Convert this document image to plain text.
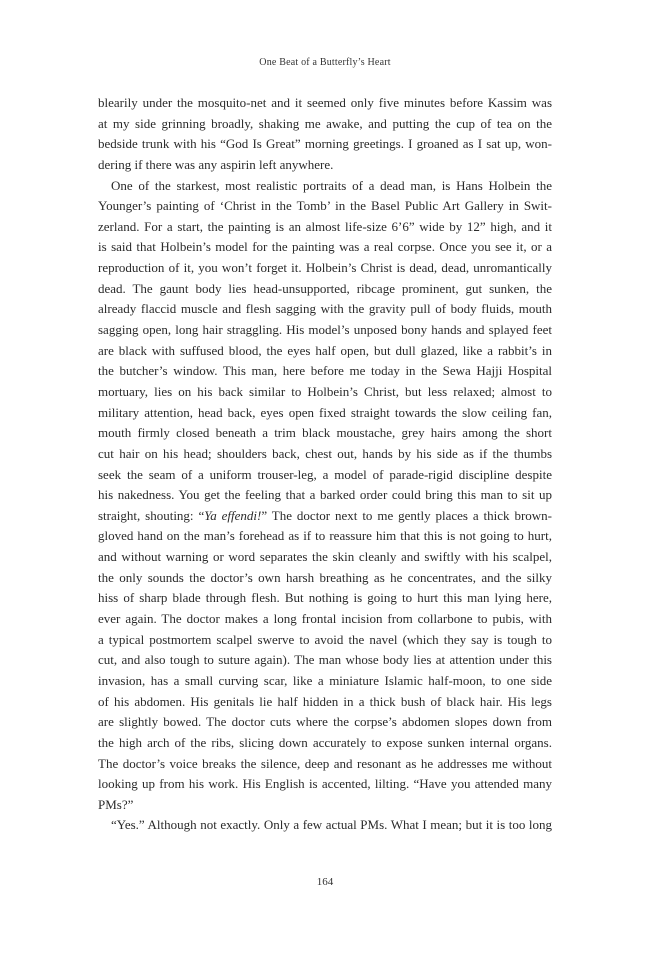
One Beat of a Butterfly’s Heart
blearily under the mosquito-net and it seemed only five minutes before Kassim was
at my side grinning broadly, shaking me awake, and putting the cup of tea on the
bedside trunk with his “God Is Great” morning greetings. I groaned as I sat up, won-
dering if there was any aspirin left anywhere.
 One of the starkest, most realistic portraits of a dead man, is Hans Holbein the
Younger’s painting of ‘Christ in the Tomb’ in the Basel Public Art Gallery in Swit-
zerland. For a start, the painting is an almost life-size 6’6” wide by 12” high, and it
is said that Holbein’s model for the painting was a real corpse. Once you see it, or a
reproduction of it, you won’t forget it. Holbein’s Christ is dead, dead, unromantically
dead. The gaunt body lies head-unsupported, ribcage prominent, gut sunken, the
already flaccid muscle and flesh sagging with the gravity pull of body fluids, mouth
sagging open, long hair straggling. His model’s unposed bony hands and splayed feet
are black with suffused blood, the eyes half open, but dull glazed, like a rabbit’s in
the butcher’s window. This man, here before me today in the Sewa Hajji Hospital
mortuary, lies on his back similar to Holbein’s Christ, but less relaxed; almost to
military attention, head back, eyes open fixed straight towards the slow ceiling fan,
mouth firmly closed beneath a trim black moustache, grey hairs among the short
cut hair on his head; shoulders back, chest out, hands by his side as if the thumbs
seek the seam of a uniform trouser-leg, a model of parade-rigid discipline despite
his nakedness. You get the feeling that a barked order could bring this man to sit up
straight, shouting: “Ya effendi!” The doctor next to me gently places a thick brown-
gloved hand on the man’s forehead as if to reassure him that this is not going to hurt,
and without warning or word separates the skin cleanly and swiftly with his scalpel,
the only sounds the doctor’s own harsh breathing as he concentrates, and the silky
hiss of sharp blade through flesh. But nothing is going to hurt this man lying here,
ever again. The doctor makes a long frontal incision from collarbone to pubis, with
a typical postmortem scalpel swerve to avoid the navel (which they say is tough to
cut, and also tough to suture again). The man whose body lies at attention under this
invasion, has a small curving scar, like a miniature Islamic half-moon, to one side
of his abdomen. His genitals lie half hidden in a thick bush of black hair. His legs
are slightly bowed. The doctor cuts where the corpse’s abdomen slopes down from
the high arch of the ribs, slicing down accurately to expose sunken internal organs.
The doctor’s voice breaks the silence, deep and resonant as he addresses me without
looking up from his work. His English is accented, lilting. “Have you attended many
PMs?”
 “Yes.” Although not exactly. Only a few actual PMs. What I mean; but it is too long
164
